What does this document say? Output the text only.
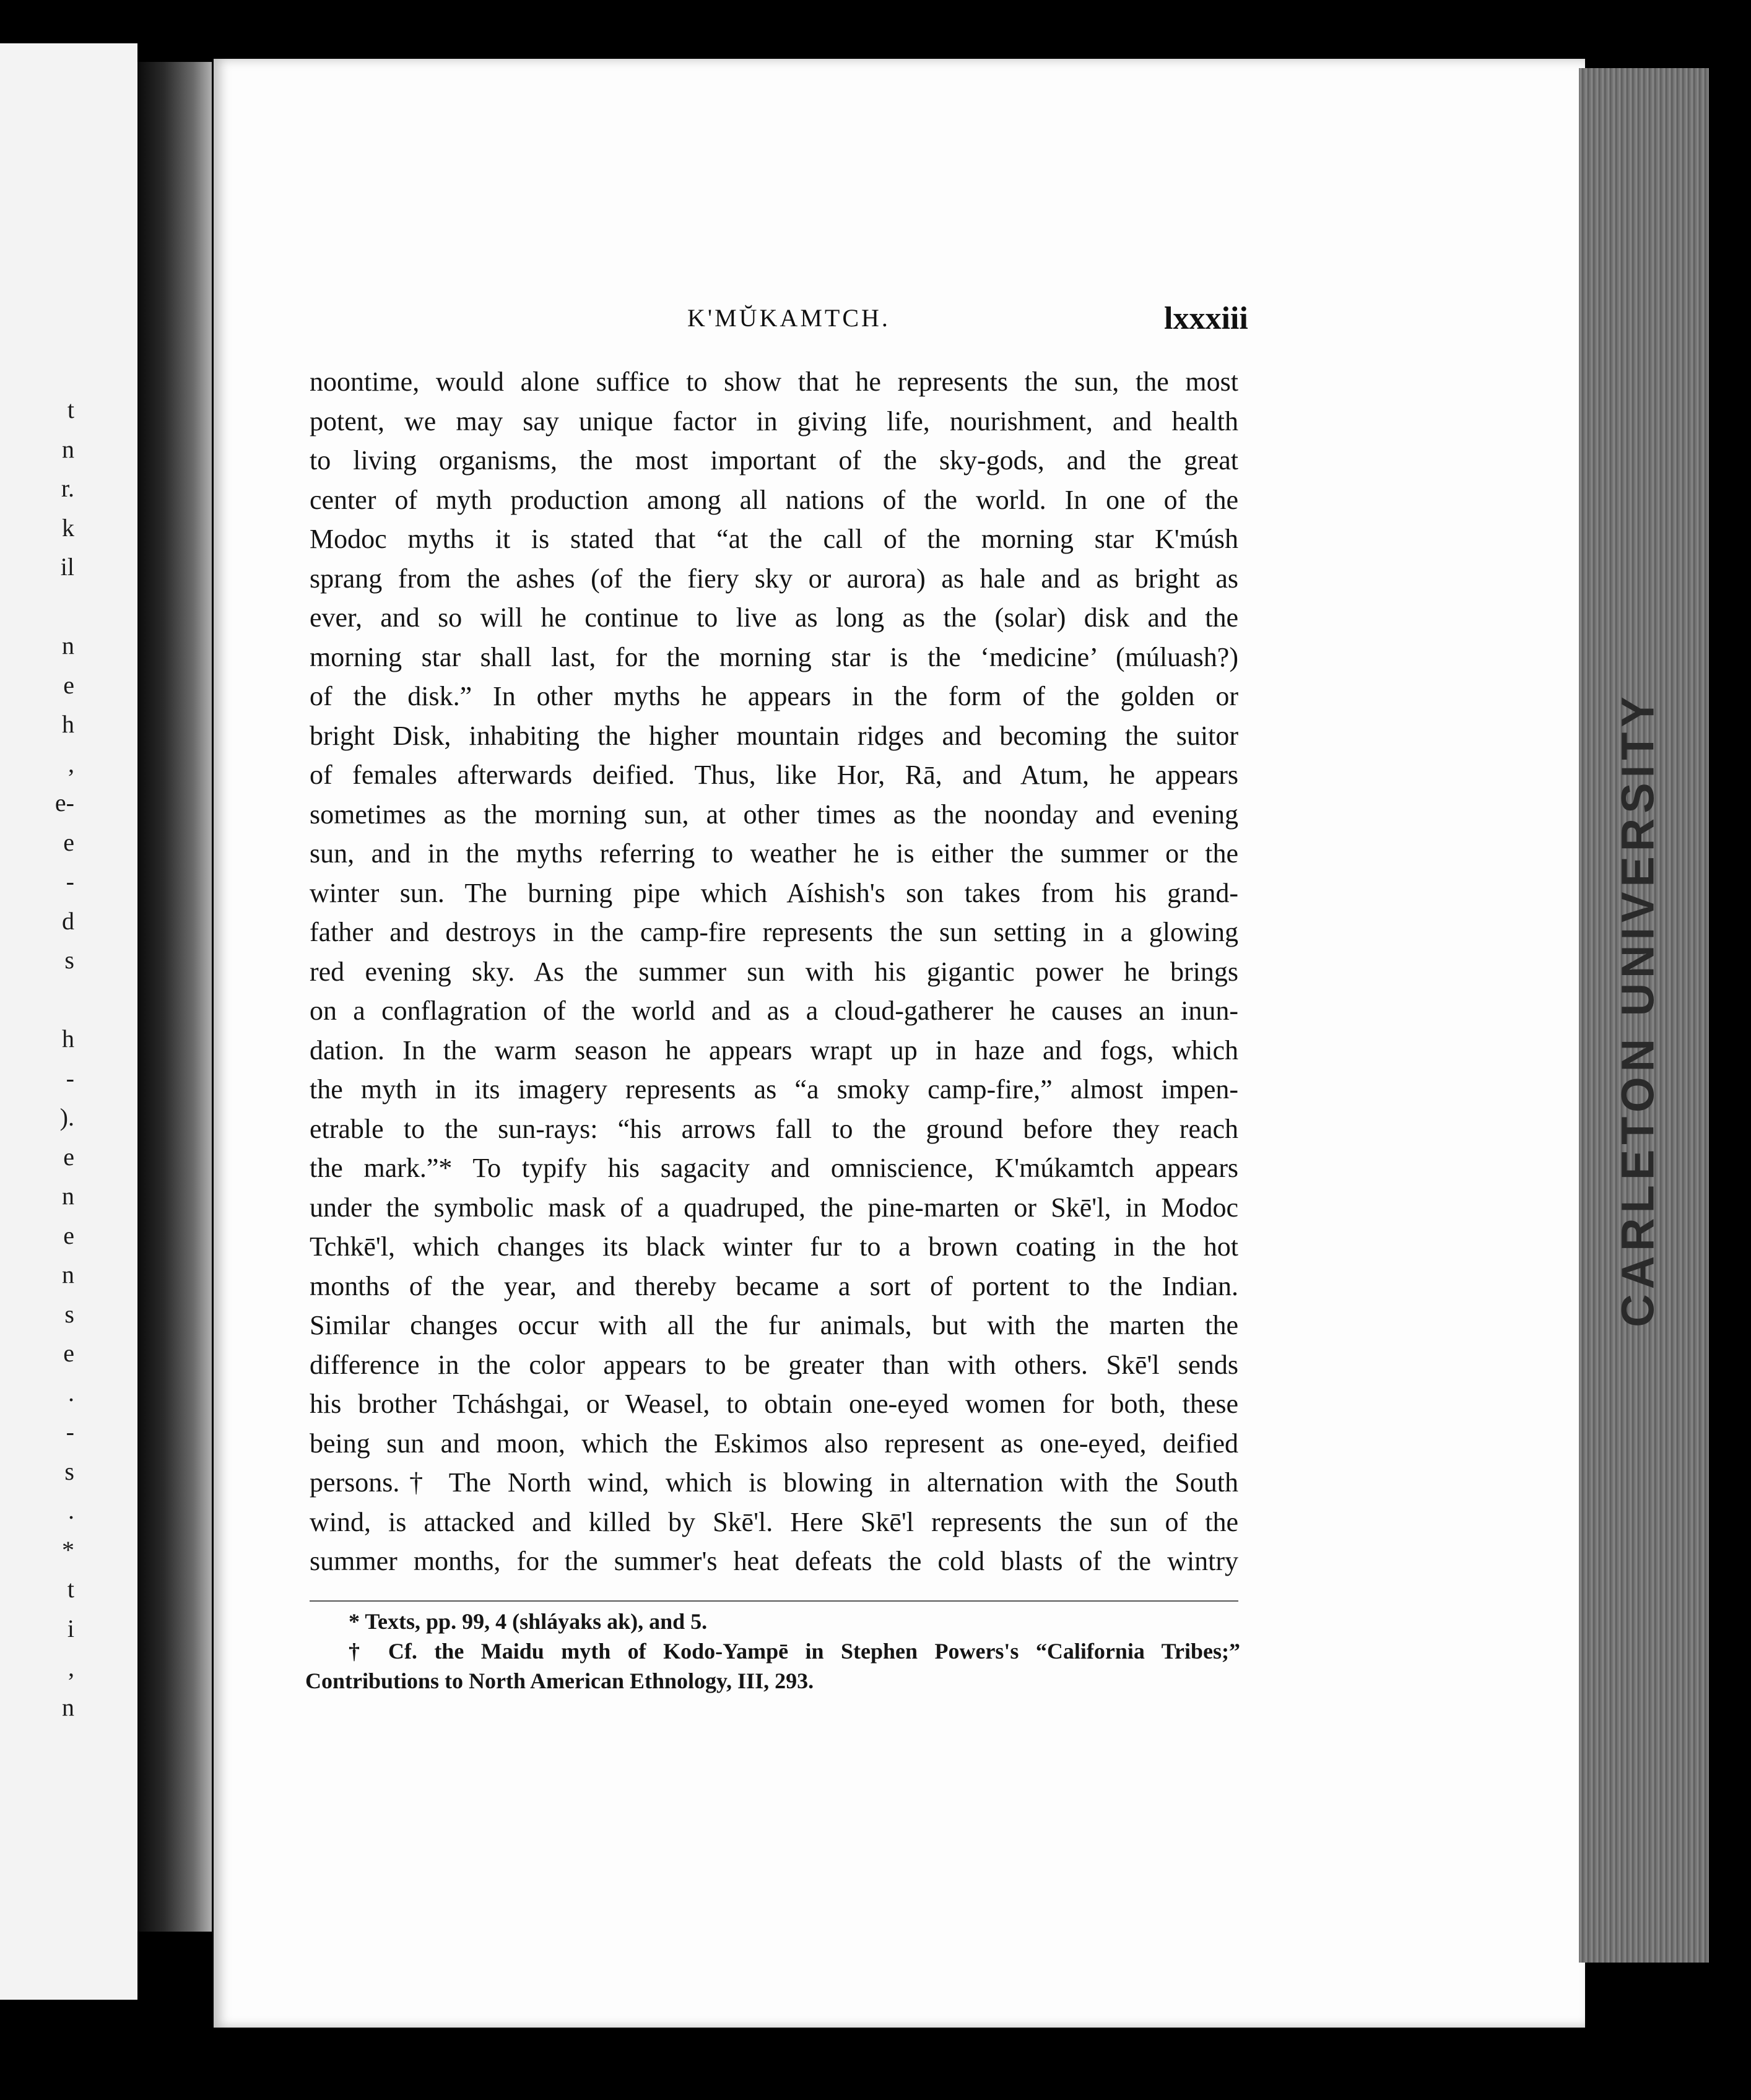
t
n
r.
k
il
n
e
h
,
e-
e
-
d
s
h
-
).
e
n
e
n
s
e
.
-
s
.
*
t
i
,
n
CARLETON UNIVERSITY
K'MŬKAMTCH.	lxxxiii
noontime, would alone suffice to show that he represents the sun, the most
potent, we may say unique factor in giving life, nourishment, and health
to living organisms, the most important of the sky-gods, and the great
center of myth production among all nations of the world. In one of the
Modoc myths it is stated that “at the call of the morning star K'músh
sprang from the ashes (of the fiery sky or aurora) as hale and as bright as
ever, and so will he continue to live as long as the (solar) disk and the
morning star shall last, for the morning star is the ‘medicine’ (múluash?)
of the disk.” In other myths he appears in the form of the golden or
bright Disk, inhabiting the higher mountain ridges and becoming the suitor
of females afterwards deified. Thus, like Hor, Rā, and Atum, he appears
sometimes as the morning sun, at other times as the noonday and evening
sun, and in the myths referring to weather he is either the summer or the
winter sun. The burning pipe which Aíshish's son takes from his grand-
father and destroys in the camp-fire represents the sun setting in a glowing
red evening sky. As the summer sun with his gigantic power he brings
on a conflagration of the world and as a cloud-gatherer he causes an inun-
dation. In the warm season he appears wrapt up in haze and fogs, which
the myth in its imagery represents as “a smoky camp-fire,” almost impen-
etrable to the sun-rays: “his arrows fall to the ground before they reach
the mark.”* To typify his sagacity and omniscience, K'múkamtch appears
under the symbolic mask of a quadruped, the pine-marten or Skē'l, in Modoc
Tchkē'l, which changes its black winter fur to a brown coating in the hot
months of the year, and thereby became a sort of portent to the Indian.
Similar changes occur with all the fur animals, but with the marten the
difference in the color appears to be greater than with others. Skē'l sends
his brother Tcháshgai, or Weasel, to obtain one-eyed women for both, these
being sun and moon, which the Eskimos also represent as one-eyed, deified
persons.† The North wind, which is blowing in alternation with the South
wind, is attacked and killed by Skē'l. Here Skē'l represents the sun of the
summer months, for the summer's heat defeats the cold blasts of the wintry
* Texts, pp. 99, 4 (shláyaks ak), and 5.
† Cf. the Maidu myth of Kodo-Yampē in Stephen Powers's “California Tribes;”
Contributions to North American Ethnology, III, 293.
